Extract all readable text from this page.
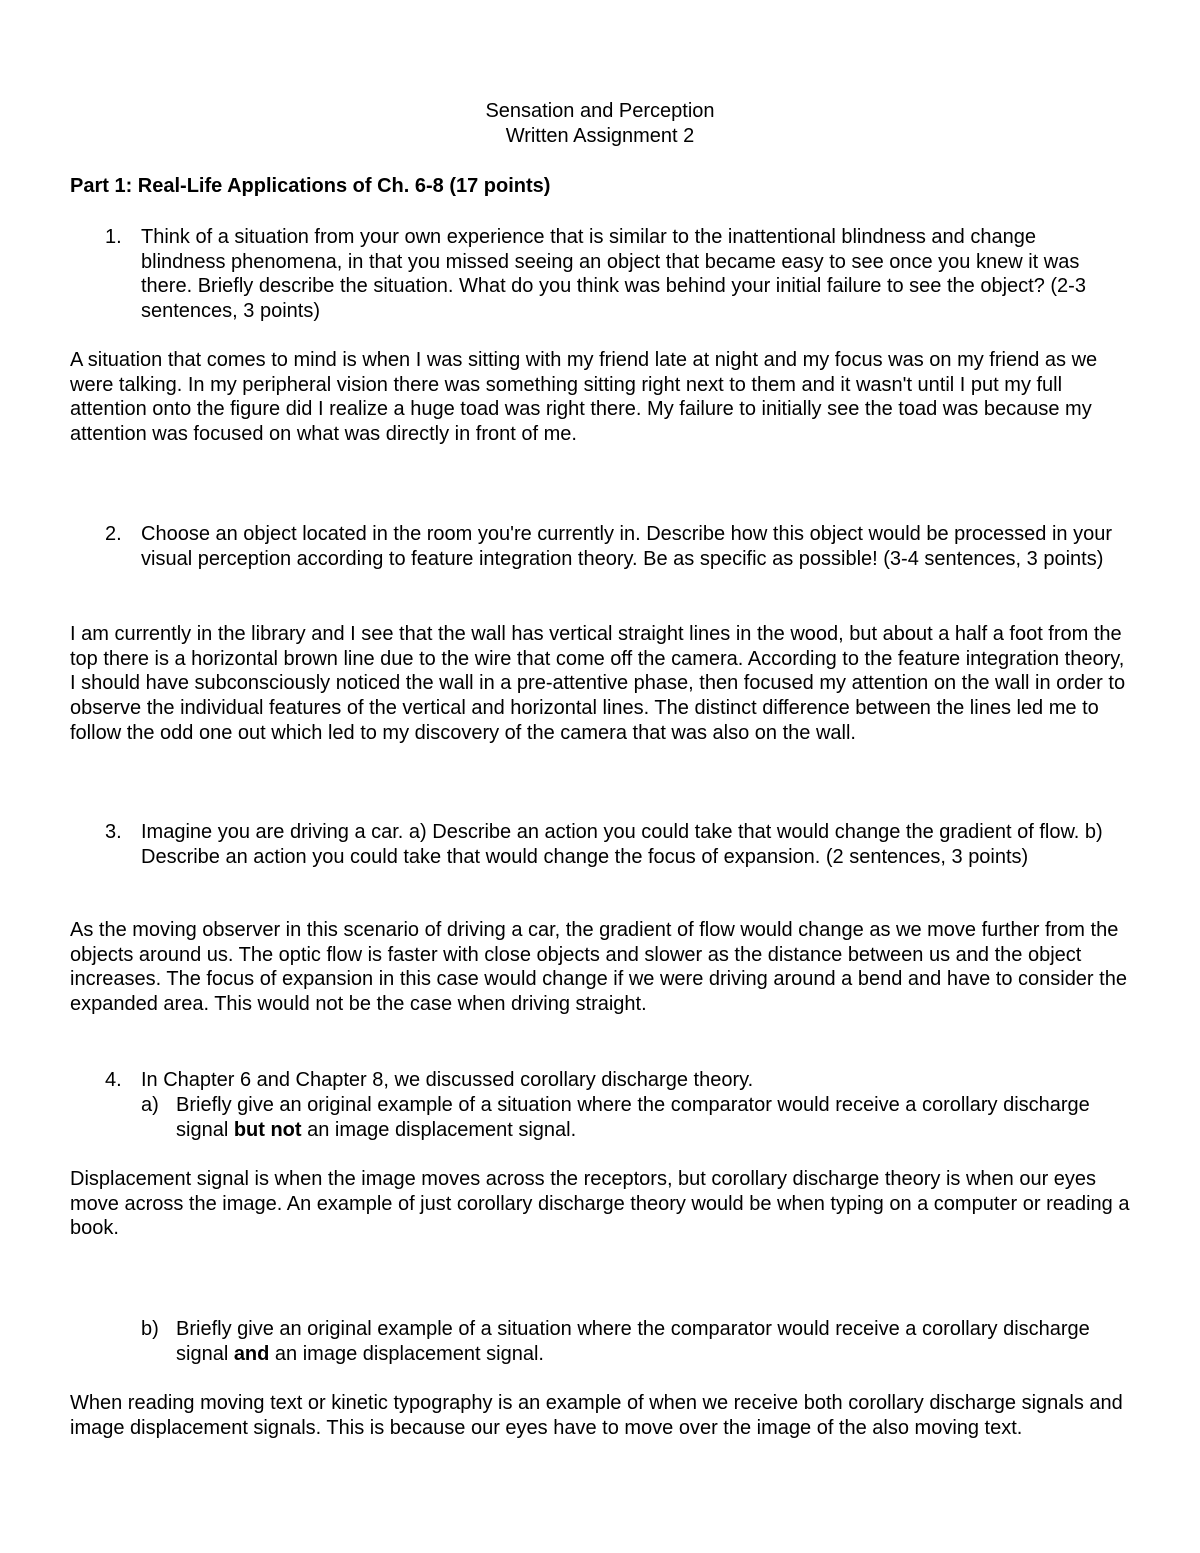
Sensation and Perception
Written Assignment 2
Part 1: Real-Life Applications of Ch. 6-8 (17 points)
1. Think of a situation from your own experience that is similar to the inattentional blindness and change blindness phenomena, in that you missed seeing an object that became easy to see once you knew it was there. Briefly describe the situation. What do you think was behind your initial failure to see the object? (2-3 sentences, 3 points)

A situation that comes to mind is when I was sitting with my friend late at night and my focus was on my friend as we were talking. In my peripheral vision there was something sitting right next to them and it wasn't until I put my full attention onto the figure did I realize a huge toad was right there. My failure to initially see the toad was because my attention was focused on what was directly in front of me.

2. Choose an object located in the room you're currently in. Describe how this object would be processed in your visual perception according to feature integration theory. Be as specific as possible! (3-4 sentences, 3 points)

I am currently in the library and I see that the wall has vertical straight lines in the wood, but about a half a foot from the top there is a horizontal brown line due to the wire that come off the camera. According to the feature integration theory, I should have subconsciously noticed the wall in a pre-attentive phase, then focused my attention on the wall in order to observe the individual features of the vertical and horizontal lines. The distinct difference between the lines led me to follow the odd one out which led to my discovery of the camera that was also on the wall.

3. Imagine you are driving a car. a) Describe an action you could take that would change the gradient of flow. b) Describe an action you could take that would change the focus of expansion. (2 sentences, 3 points)

As the moving observer in this scenario of driving a car, the gradient of flow would change as we move further from the objects around us. The optic flow is faster with close objects and slower as the distance between us and the object increases. The focus of expansion in this case would change if we were driving around a bend and have to consider the expanded area. This would not be the case when driving straight.

4. In Chapter 6 and Chapter 8, we discussed corollary discharge theory.

a) Briefly give an original example of a situation where the comparator would receive a corollary discharge signal but not an image displacement signal.

Displacement signal is when the image moves across the receptors, but corollary discharge theory is when our eyes move across the image. An example of just corollary discharge theory would be when typing on a computer or reading a book.

b) Briefly give an original example of a situation where the comparator would receive a corollary discharge signal and an image displacement signal.

When reading moving text or kinetic typography is an example of when we receive both corollary discharge signals and image displacement signals. This is because our eyes have to move over the image of the also moving text.
